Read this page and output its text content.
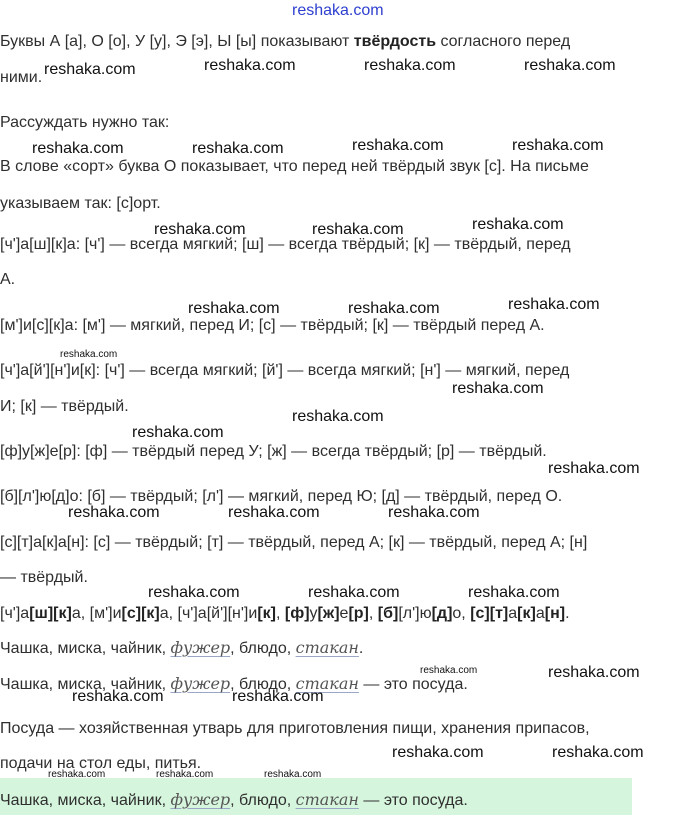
reshaka.com
Буквы А [а], О [о], У [у], Э [э], Ы [ы] показывают твёрдость согласного перед
ними.
Рассуждать нужно так:
В слове «сорт» буква О показывает, что перед ней твёрдый звук [с]. На письме
указываем так: [с]орт.
[ч']а[ш][к]а: [ч'] — всегда мягкий; [ш] — всегда твёрдый; [к] — твёрдый, перед
А.
[м']и[с][к]а: [м'] — мягкий, перед И; [с] — твёрдый; [к] — твёрдый перед А.
[ч']а[й'][н']и[к]: [ч'] — всегда мягкий; [й'] — всегда мягкий; [н'] — мягкий, перед
И; [к] — твёрдый.
[ф]у[ж]е[р]: [ф] — твёрдый перед У; [ж] — всегда твёрдый; [р] — твёрдый.
[б][л']ю[д]о: [б] — твёрдый; [л'] — мягкий, перед Ю; [д] — твёрдый, перед О.
[с][т]а[к]а[н]: [с] — твёрдый; [т] — твёрдый, перед А; [к] — твёрдый, перед А; [н]
— твёрдый.
[ч']а[ш][к]а, [м']и[с][к]а, [ч']а[й'][н']и[к], [ф]у[ж]е[р], [б][л']ю[д]о, [с][т]а[к]а[н].
Чашка, миска, чайник, фужер, блюдо, стакан.
Чашка, миска, чайник, фужер, блюдо, стакан — это посуда.
Посуда — хозяйственная утварь для приготовления пищи, хранения припасов,
подачи на стол еды, питья.
Чашка, миска, чайник, фужер, блюдо, стакан — это посуда.
reshaka.com	reshaka.com	reshaka.com	reshaka.com
reshaka.com	reshaka.com	reshaka.com	reshaka.com
reshaka.com	reshaka.com	reshaka.com
reshaka.com	reshaka.com	reshaka.com
reshaka.com
reshaka.com
reshaka.com
reshaka.com
reshaka.com
reshaka.com	reshaka.com	reshaka.com
reshaka.com	reshaka.com	reshaka.com
reshaka.com	reshaka.com
reshaka.com	reshaka.com
reshaka.com	reshaka.com
reshaka.com	reshaka.com	reshaka.com
